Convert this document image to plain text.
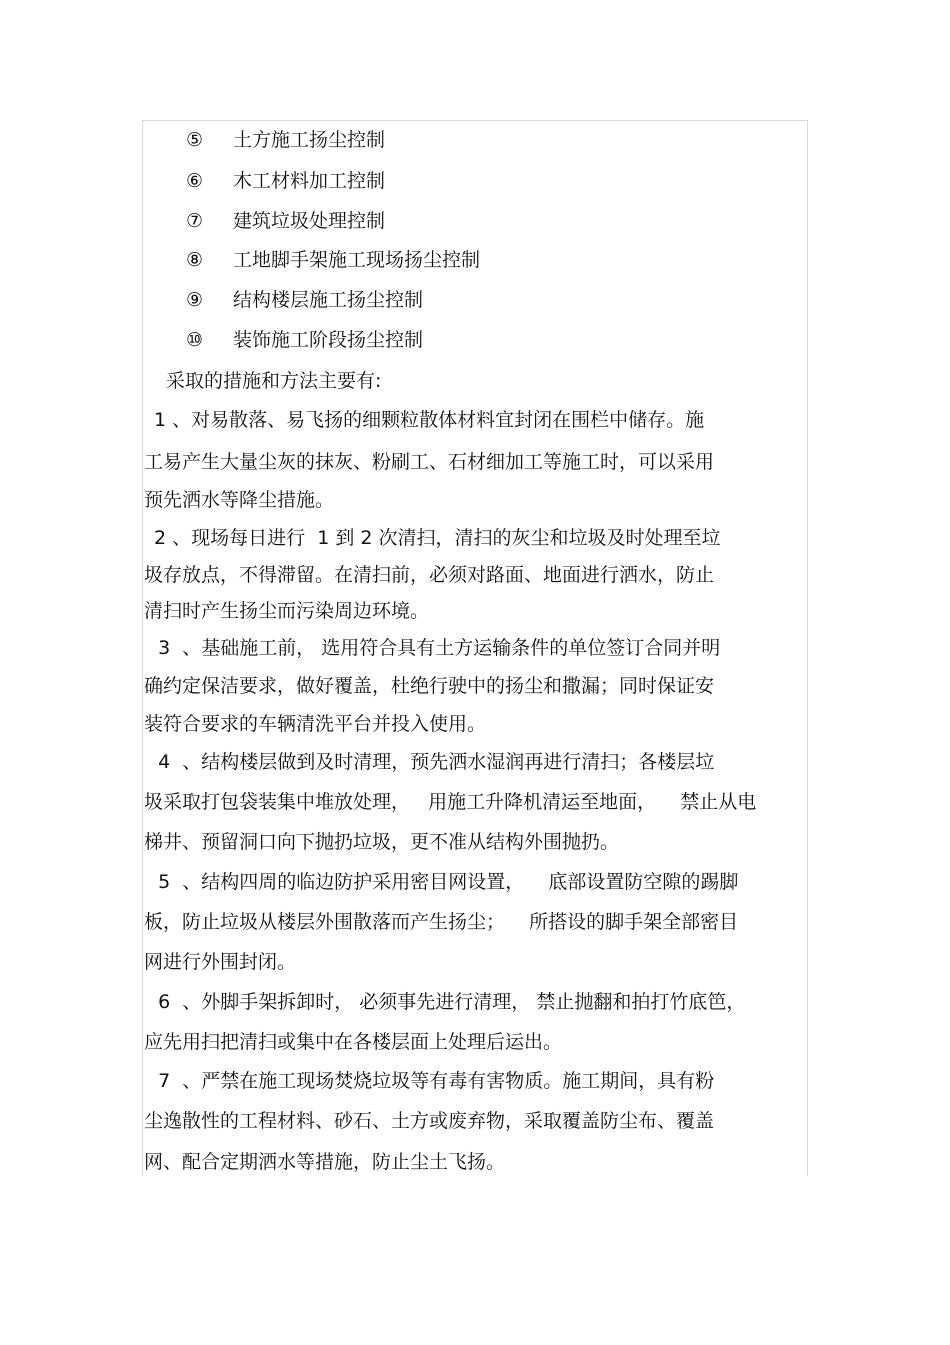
⑤ 土方施工扬尘控制
⑥ 木工材料加工控制
⑦ 建筑垃圾处理控制
⑧ 工地脚手架施工现场扬尘控制
⑨ 结构楼层施工扬尘控制
⑩ 装饰施工阶段扬尘控制
采取的措施和方法主要有:
1 、对易散落、易飞扬的细颗粒散体材料宜封闭在围栏中储存。施
工易产生大量尘灰的抹灰、粉刷工、石材细加工等施工时，可以采用
预先洒水等降尘措施。
2 、现场每日进行  1 到 2 次清扫，清扫的灰尘和垃圾及时处理至垃
圾存放点，不得滞留。在清扫前，必须对路面、地面进行洒水，防止
清扫时产生扬尘而污染周边环境。
3  、基础施工前， 选用符合具有土方运输条件的单位签订合同并明
确约定保洁要求，做好覆盖，杜绝行驶中的扬尘和撒漏；同时保证安
装符合要求的车辆清洗平台并投入使用。
4  、结构楼层做到及时清理，预先洒水湿润再进行清扫；各楼层垃
圾采取打包袋装集中堆放处理，   用施工升降机清运至地面，    禁止从电
梯井、预留洞口向下抛扔垃圾，更不准从结构外围抛扔。
5  、结构四周的临边防护采用密目网设置，    底部设置防空隙的踢脚
板，防止垃圾从楼层外围散落而产生扬尘；    所搭设的脚手架全部密目
网进行外围封闭。
6  、外脚手架拆卸时， 必须事先进行清理， 禁止抛翻和拍打竹底笆，
应先用扫把清扫或集中在各楼层面上处理后运出。
7  、严禁在施工现场焚烧垃圾等有毒有害物质。施工期间，具有粉
尘逸散性的工程材料、砂石、土方或废弃物，采取覆盖防尘布、覆盖
网、配合定期洒水等措施，防止尘土飞扬。
